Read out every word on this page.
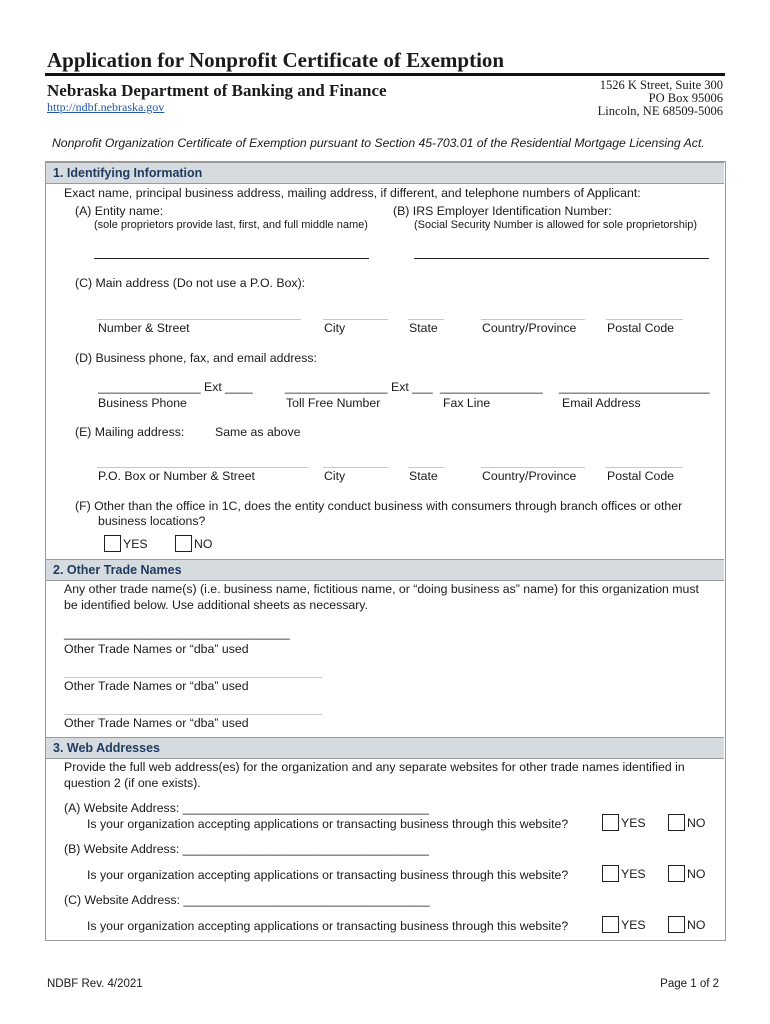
Application for Nonprofit Certificate of Exemption
Nebraska Department of Banking and Finance
http://ndbf.nebraska.gov
1526 K Street, Suite 300
PO Box 95006
Lincoln, NE 68509-5006
Nonprofit Organization Certificate of Exemption pursuant to Section 45-703.01 of the Residential Mortgage Licensing Act.
1. Identifying Information
Exact name, principal business address, mailing address, if different, and telephone numbers of Applicant:
(A) Entity name:
(sole proprietors provide last, first, and full middle name)
(B) IRS Employer Identification Number:
(Social Security Number is allowed for sole proprietorship)
(C) Main address (Do not use a P.O. Box):
Number & Street	City	State	Country/Province Postal Code
(D) Business phone, fax, and email address:
_______________ Ext ____	_______________ Ext ___ _______________ ______________________
Business Phone	Toll Free Number	Fax Line	Email Address
(E) Mailing address: Same as above
P.O. Box or Number & Street	City	State	Country/Province Postal Code
(F) Other than the office in 1C, does the entity conduct business with consumers through branch offices or other
business locations?
YES	NO
2. Other Trade Names
Any other trade name(s) (i.e. business name, fictitious name, or “doing business as” name) for this organization must
be identified below. Use additional sheets as necessary.
_________________________________
Other Trade Names or “dba” used
Other Trade Names or “dba” used
Other Trade Names or “dba” used
3. Web Addresses
Provide the full web address(es) for the organization and any separate websites for other trade names identified in
question 2 (if one exists).
(A) Website Address: ____________________________________
Is your organization accepting applications or transacting business through this website?	YES	NO
(B) Website Address: ____________________________________
Is your organization accepting applications or transacting business through this website?	YES	NO
(C) Website Address: ____________________________________
Is your organization accepting applications or transacting business through this website?	YES	NO
NDBF Rev. 4/2021	Page 1 of 2
